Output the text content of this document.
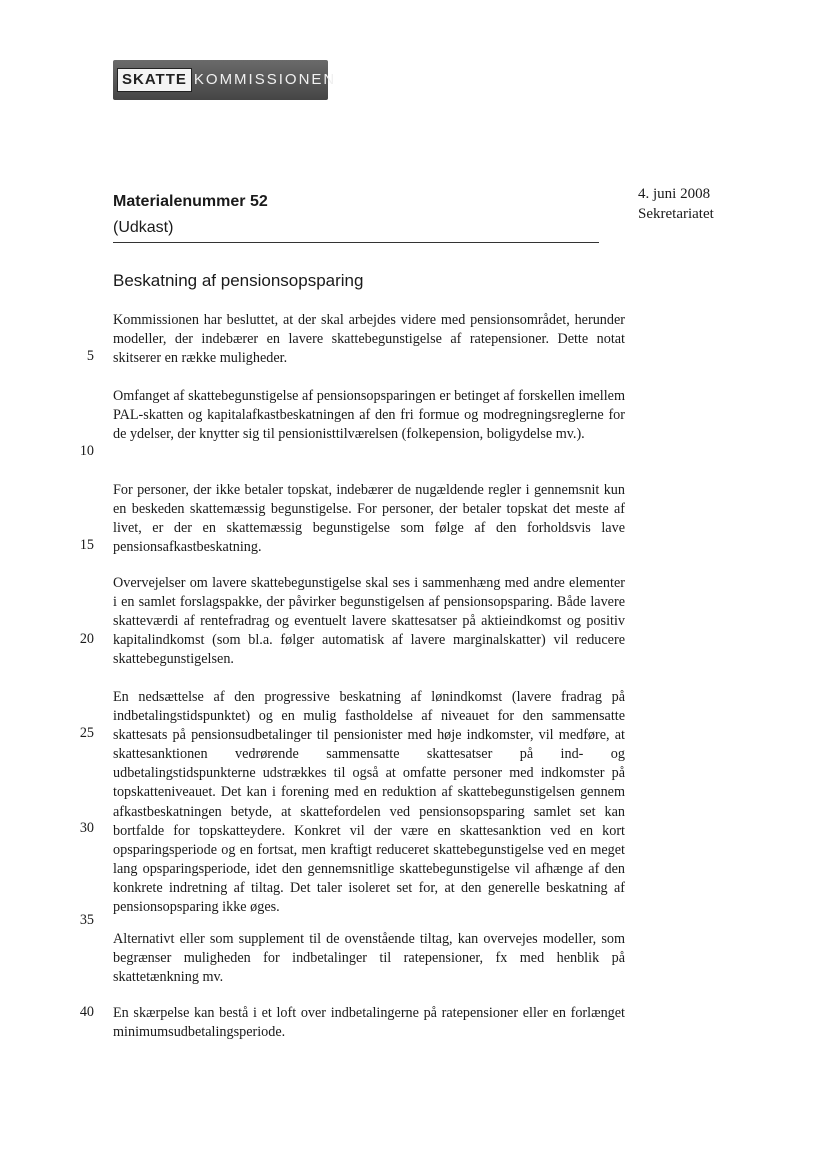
SKATTE KOMMISSIONEN
Materialenummer 52
(Udkast)
4. juni 2008
Sekretariatet
Beskatning af pensionsopsparing

Kommissionen har besluttet, at der skal arbejdes videre med pensionsområdet, herunder modeller, der indebærer en lavere skattebegunstigelse af ratepensioner. Dette notat skitserer en række muligheder.

Omfanget af skattebegunstigelse af pensionsopsparingen er betinget af forskellen imellem PAL-skatten og kapitalafkastbeskatningen af den fri formue og modregningsreglerne for de ydelser, der knytter sig til pensionisttilværelsen (folkepension, boligydelse mv.).

For personer, der ikke betaler topskat, indebærer de nugældende regler i gennemsnit kun en beskeden skattemæssig begunstigelse. For personer, der betaler topskat det meste af livet, er der en skattemæssig begunstigelse som følge af den forholdsvis lave pensionsafkastbeskatning.

Overvejelser om lavere skattebegunstigelse skal ses i sammenhæng med andre elementer i en samlet forslagspakke, der påvirker begunstigelsen af pensionsopsparing. Både lavere skatteværdi af rentefradrag og eventuelt lavere skattesatser på aktieindkomst og positiv kapitalindkomst (som bl.a. følger automatisk af lavere marginalskatter) vil reducere skattebegunstigelsen.

En nedsættelse af den progressive beskatning af lønindkomst (lavere fradrag på indbetalingstidspunktet) og en mulig fastholdelse af niveauet for den sammensatte skattesats på pensionsudbetalinger til pensionister med høje indkomster, vil medføre, at skattesanktionen vedrørende sammensatte skattesatser på ind- og udbetalingstidspunkterne udstrækkes til også at omfatte personer med indkomster på topskatteniveauet. Det kan i forening med en reduktion af skattebegunstigelsen gennem afkastbeskatningen betyde, at skattefordelen ved pensionsopsparing samlet set kan bortfalde for topskatteydere. Konkret vil der være en skattesanktion ved en kort opsparingsperiode og en fortsat, men kraftigt reduceret skattebegunstigelse ved en meget lang opsparingsperiode, idet den gennemsnitlige skattebegunstigelse vil afhænge af den konkrete indretning af tiltag. Det taler isoleret set for, at den generelle beskatning af pensionsopsparing ikke øges.

Alternativt eller som supplement til de ovenstående tiltag, kan overvejes modeller, som begrænser muligheden for indbetalinger til ratepensioner, fx med henblik på skattetænkning mv.

En skærpelse kan bestå i et loft over indbetalingerne på ratepensioner eller en forlænget minimumsudbetalingsperiode.

5
10
15
20
25
30
35
40
